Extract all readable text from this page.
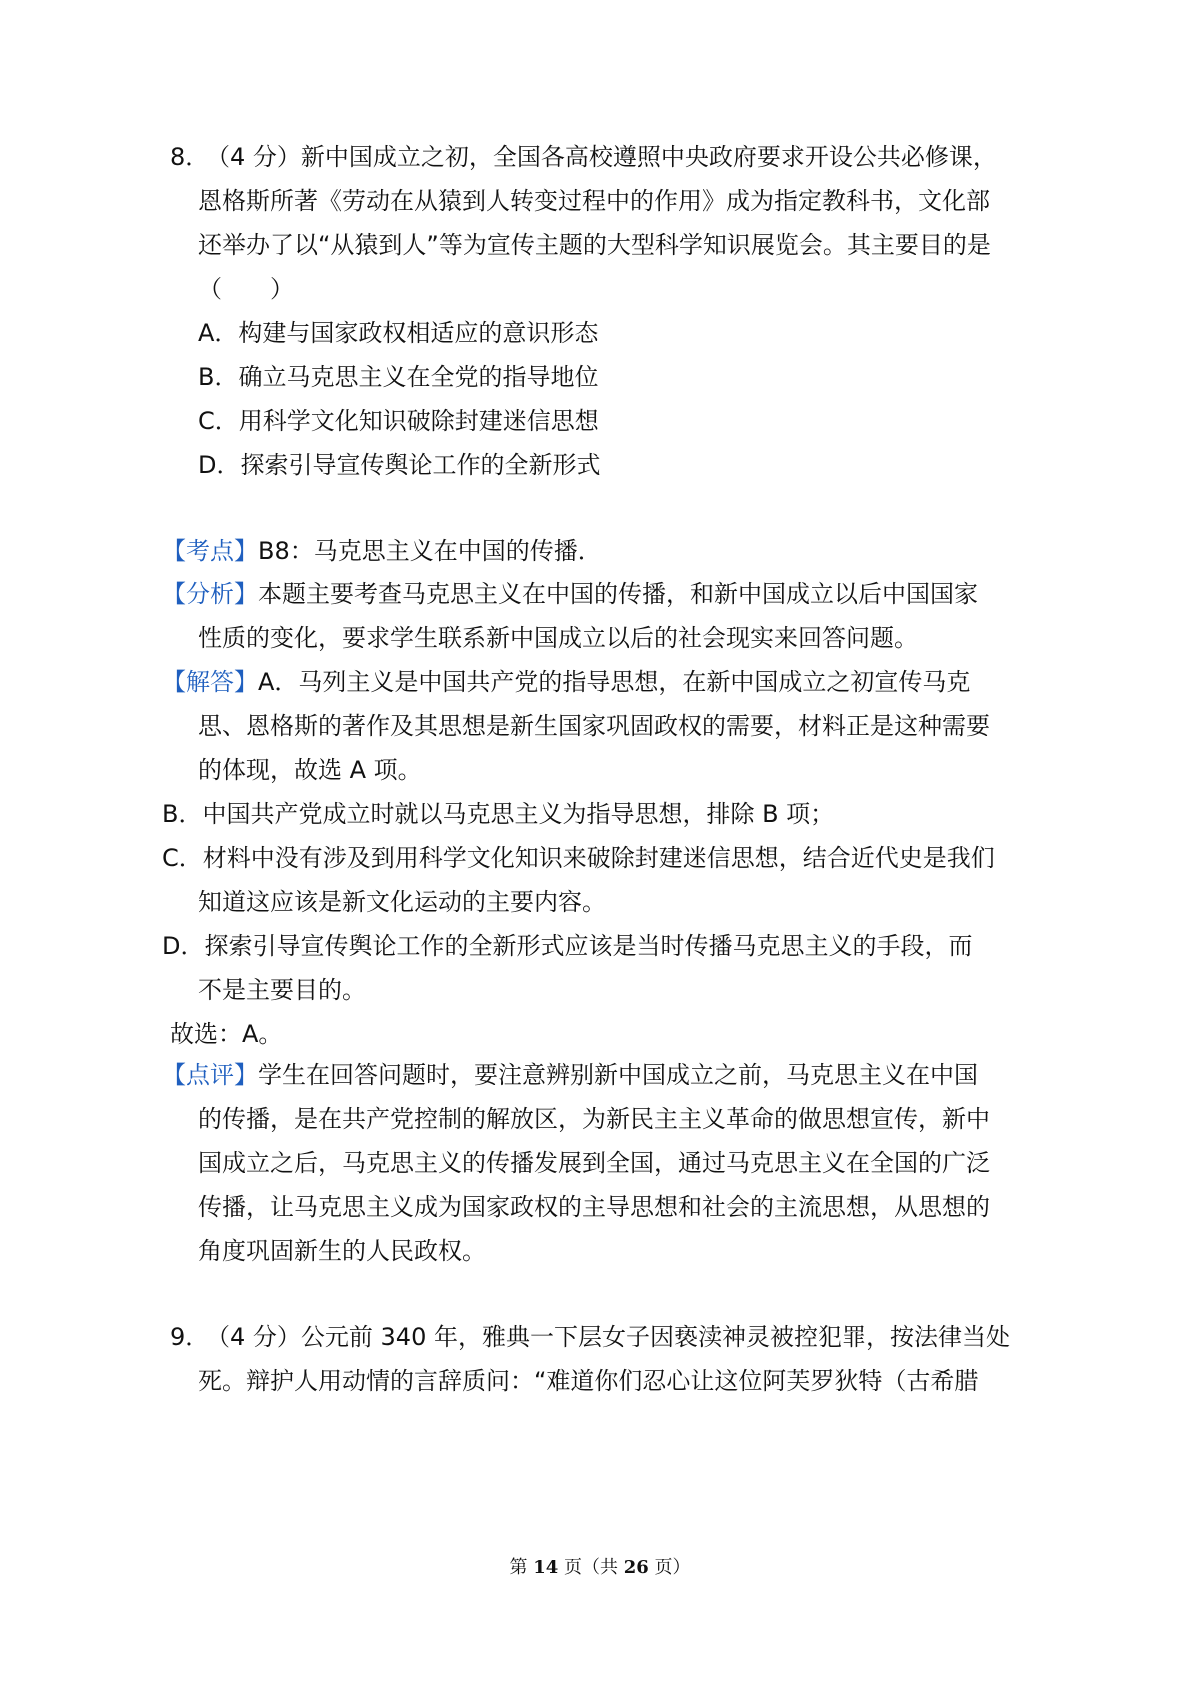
8．
（4 分）新中国成立之初，全国各高校遵照中央政府要求开设公共必修课，
恩格斯所著《劳动在从猿到人转变过程中的作用》成为指定教科书，文化部
还举办了以“从猿到人”等为宣传主题的大型科学知识展览会。其主要目的是
（　　）
A．构建与国家政权相适应的意识形态
B．确立马克思主义在全党的指导地位
C．用科学文化知识破除封建迷信思想
D．探索引导宣传舆论工作的全新形式
【考点】B8：马克思主义在中国的传播．
【分析】本题主要考查马克思主义在中国的传播，和新中国成立以后中国国家
性质的变化，要求学生联系新中国成立以后的社会现实来回答问题。
【解答】A．马列主义是中国共产党的指导思想，在新中国成立之初宣传马克
思、恩格斯的著作及其思想是新生国家巩固政权的需要，材料正是这种需要
的体现，故选 A 项。
B．中国共产党成立时就以马克思主义为指导思想，排除 B 项；
C．材料中没有涉及到用科学文化知识来破除封建迷信思想，结合近代史是我们
知道这应该是新文化运动的主要内容。
D．探索引导宣传舆论工作的全新形式应该是当时传播马克思主义的手段，而
不是主要目的。
故选：A。
【点评】学生在回答问题时，要注意辨别新中国成立之前，马克思主义在中国
的传播，是在共产党控制的解放区，为新民主主义革命的做思想宣传，新中
国成立之后，马克思主义的传播发展到全国，通过马克思主义在全国的广泛
传播，让马克思主义成为国家政权的主导思想和社会的主流思想，从思想的
角度巩固新生的人民政权。
9．
（4 分）公元前 340 年，雅典一下层女子因亵渎神灵被控犯罪，按法律当处
死。辩护人用动情的言辞质问：“难道你们忍心让这位阿芙罗狄特（古希腊
第 14 页（共 26 页）
